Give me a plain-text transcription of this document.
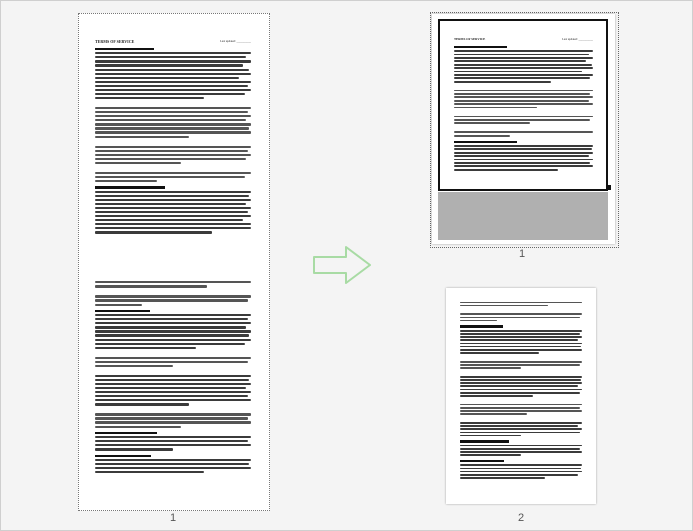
TERMS OF SERVICE	Last updated: __________
1
TERMS OF SERVICE	Last updated: __________
1
2
